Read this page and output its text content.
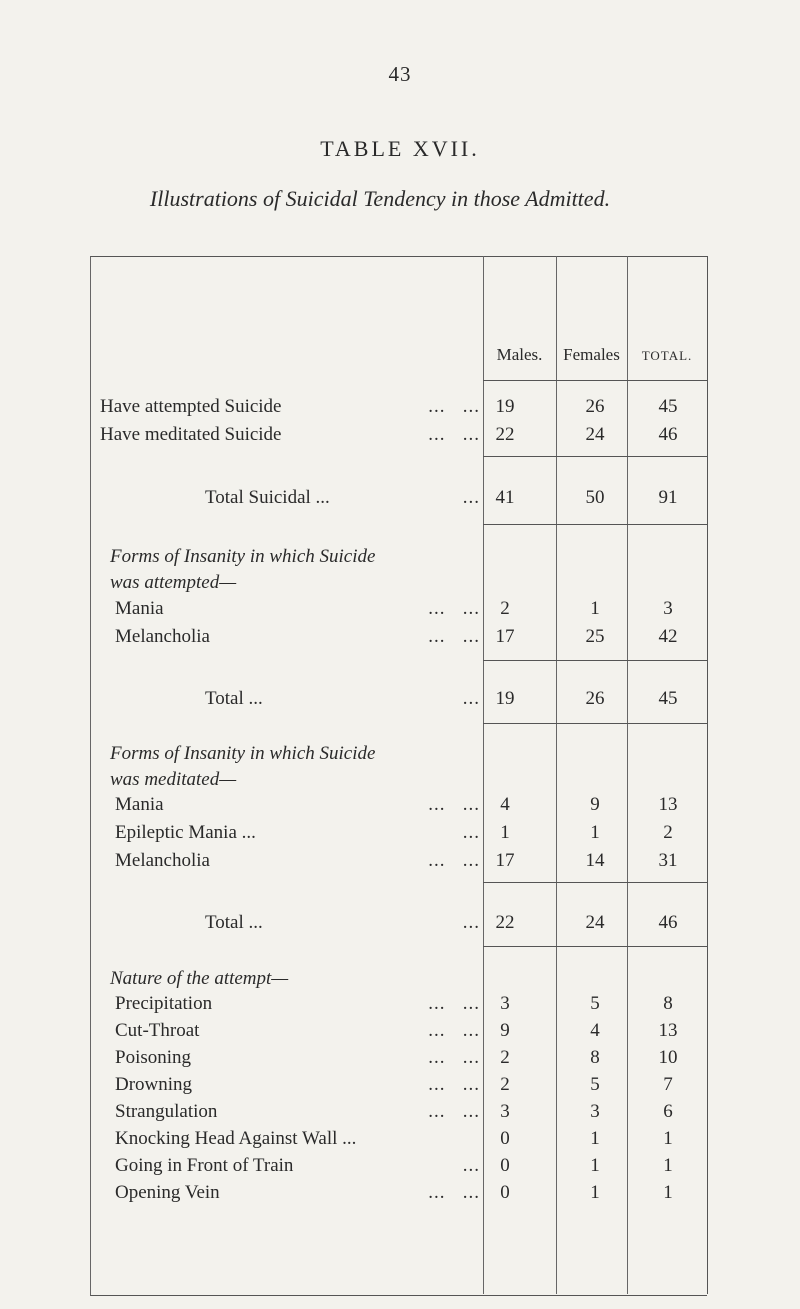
43
TABLE XVII.
Illustrations of Suicidal Tendency in those Admitted.
Males.	Females	TOTAL.
Have attempted Suicide	... ... 19	26	45
Have meditated Suicide	... ... 22	24	46
Total Suicidal ...	... 41	50	91
Forms of Insanity in which Suicide
was attempted—
Mania	... ...	2	1	3
Melancholia	... ... 17	25	42
Total ...	... 19	26	45
Forms of Insanity in which Suicide
was meditated—
Mania	... ...	4	9	13
Epileptic Mania ...	...	1	1	2
Melancholia	... ... 17	14	31
Total ...	... 22	24	46
Nature of the attempt—
Precipitation	... ...	3	5	8
Cut-Throat	... ...	9	4	13
Poisoning	... ...	2	8	10
Drowning	... ...	2	5	7
Strangulation	... ...	3	3	6
Knocking Head Against Wall ...	0	1	1
Going in Front of Train	...	0	1	1
Opening Vein	... ...	0	1	1
